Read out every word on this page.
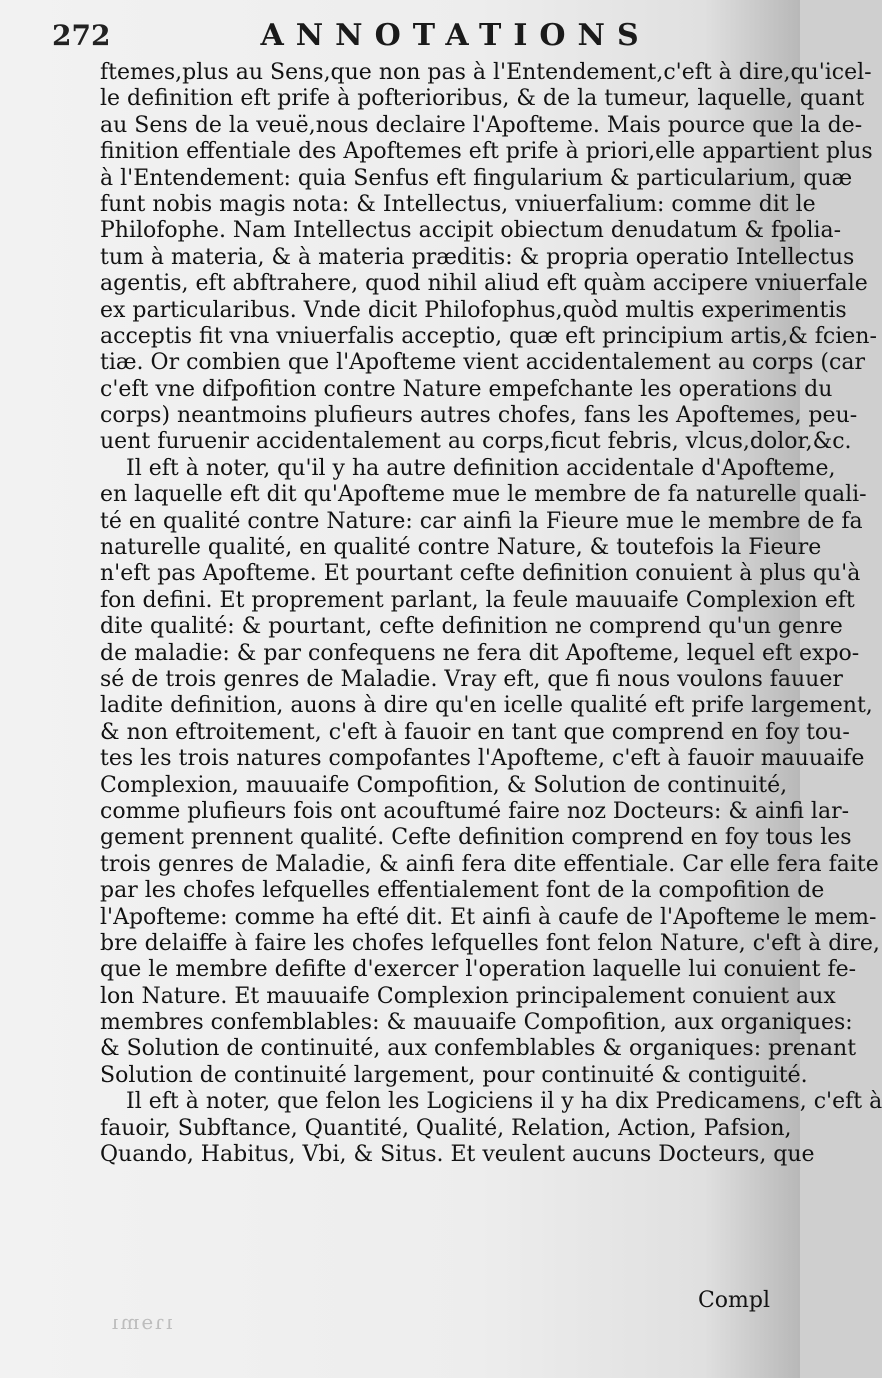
272	ANNOTATIONS
ftemes,plus au Sens,que non pas à l'Entendement,c'eft à dire,qu'icel-
le definition eft prife à pofterioribus, & de la tumeur, laquelle, quant
au Sens de la veuë,nous declaire l'Apofteme. Mais pource que la de-
finition effentiale des Apoftemes eft prife à priori,elle appartient plus
à l'Entendement: quia Senfus eft fingularium & particularium, quæ
funt nobis magis nota: & Intellectus, vniuerfalium: comme dit le
Philofophe. Nam Intellectus accipit obiectum denudatum & fpolia-
tum à materia, & à materia præditis: & propria operatio Intellectus
agentis, eft abftrahere, quod nihil aliud eft quàm accipere vniuerfale
ex particularibus. Vnde dicit Philofophus,quòd multis experimentis
acceptis fit vna vniuerfalis acceptio, quæ eft principium artis,& fcien-
tiæ. Or combien que l'Apofteme vient accidentalement au corps (car
c'eft vne difpofition contre Nature empefchante les operations du
corps) neantmoins plufieurs autres chofes, fans les Apoftemes, peu-
uent furuenir accidentalement au corps,ficut febris, vlcus,dolor,&c.
Il eft à noter, qu'il y ha autre definition accidentale d'Apofteme,
en laquelle eft dit qu'Apofteme mue le membre de fa naturelle quali-
té en qualité contre Nature: car ainfi la Fieure mue le membre de fa
naturelle qualité, en qualité contre Nature, & toutefois la Fieure
n'eft pas Apofteme. Et pourtant cefte definition conuient à plus qu'à
fon defini. Et proprement parlant, la feule mauuaife Complexion eft
dite qualité: & pourtant, cefte definition ne comprend qu'un genre
de maladie: & par confequens ne fera dit Apofteme, lequel eft expo-
sé de trois genres de Maladie. Vray eft, que fi nous voulons fauuer
ladite definition, auons à dire qu'en icelle qualité eft prife largement,
& non eftroitement, c'eft à fauoir en tant que comprend en foy tou-
tes les trois natures compofantes l'Apofteme, c'eft à fauoir mauuaife
Complexion, mauuaife Compofition, & Solution de continuité,
comme plufieurs fois ont acouftumé faire noz Docteurs: & ainfi lar-
gement prennent qualité. Cefte definition comprend en foy tous les
trois genres de Maladie, & ainfi fera dite effentiale. Car elle fera faite
par les chofes lefquelles effentialement font de la compofition de
l'Apofteme: comme ha efté dit. Et ainfi à caufe de l'Apofteme le mem-
bre delaiffe à faire les chofes lefquelles font felon Nature, c'eft à dire,
que le membre defifte d'exercer l'operation laquelle lui conuient fe-
lon Nature. Et mauuaife Complexion principalement conuient aux
membres confemblables: & mauuaife Compofition, aux organiques:
& Solution de continuité, aux confemblables & organiques: prenant
Solution de continuité largement, pour continuité & contiguité.
Il eft à noter, que felon les Logiciens il y ha dix Predicamens, c'eft à
fauoir, Subftance, Quantité, Qualité, Relation, Action, Pafsion,
Quando, Habitus, Vbi, & Situs. Et veulent aucuns Docteurs, que
Compl
ıɿɘmı
